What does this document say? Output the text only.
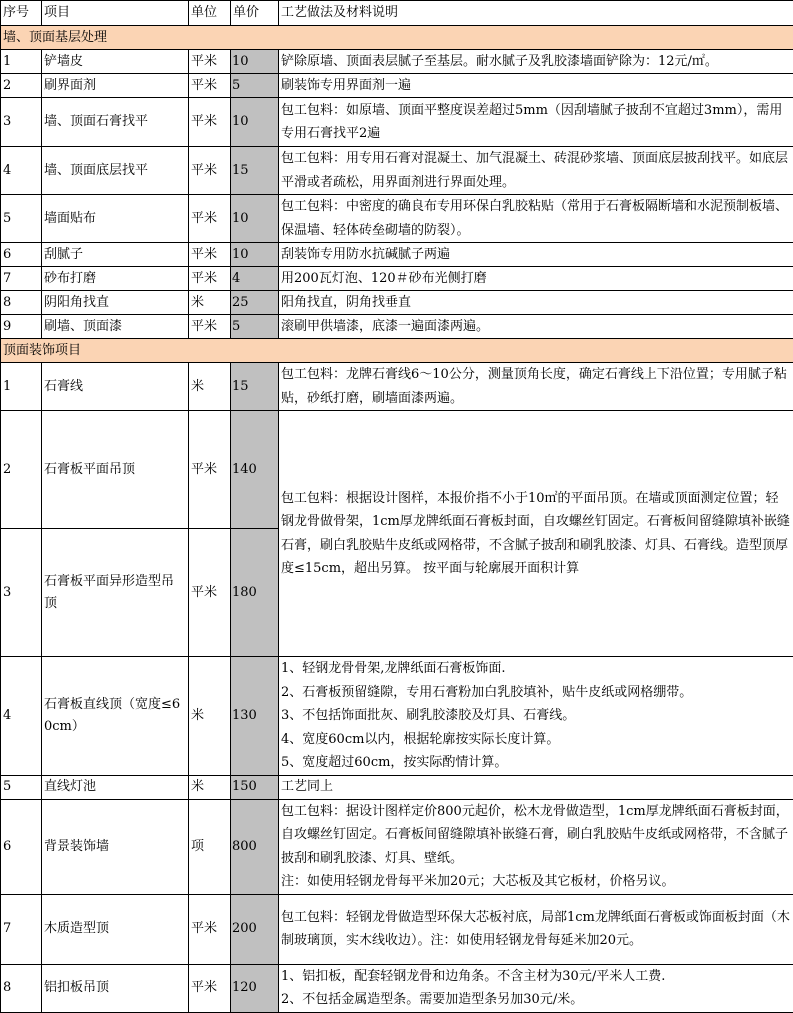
序号	项目	单位	单价	工艺做法及材料说明
墙、顶面基层处理				
1	铲墙皮	平米	10	铲除原墙、顶面表层腻子至基层。耐水腻子及乳胶漆墙面铲除为：12元/㎡。
2	刷界面剂	平米	5	刷装饰专用界面剂一遍
3	墙、顶面石膏找平	平米	10	包工包料：如原墙、顶面平整度误差超过5mm（因刮墙腻子披刮不宜超过3mm），需用专用石膏找平2遍
4	墙、顶面底层找平	平米	15	包工包料：用专用石膏对混凝土、加气混凝土、砖混砂浆墙、顶面底层披刮找平。如底层平滑或者疏松，用界面剂进行界面处理。
5	墙面贴布	平米	10	包工包料：中密度的确良布专用环保白乳胶粘贴（常用于石膏板隔断墙和水泥预制板墙、保温墙、轻体砖垒砌墙的防裂）。
6	刮腻子	平米	10	刮装饰专用防水抗碱腻子两遍
7	砂布打磨	平米	4	用200瓦灯泡、120＃砂布光侧打磨
8	阴阳角找直	米	25	阳角找直，阴角找垂直
9	刷墙、顶面漆	平米	5	滚刷甲供墙漆，底漆一遍面漆两遍。
顶面装饰项目				
1	石膏线	米	15	包工包料：龙牌石膏线6～10公分，测量顶角长度，确定石膏线上下沿位置；专用腻子粘贴，砂纸打磨，刷墙面漆两遍。
2	石膏板平面吊顶	平米	140	包工包料：根据设计图样，本报价指不小于10㎡的平面吊顶。在墙或顶面测定位置；轻钢龙骨做骨架，1cm厚龙牌纸面石膏板封面，自攻螺丝钉固定。石膏板间留缝隙填补嵌缝石膏，刷白乳胶贴牛皮纸或网格带，不含腻子披刮和刷乳胶漆、灯具、石膏线。造型顶厚度≤15cm，超出另算。 按平面与轮廓展开面积计算
3	石膏板平面异形造型吊顶	平米	180	
4	石膏板直线顶（宽度≤60cm）	米	130	1、轻钢龙骨骨架,龙牌纸面石膏板饰面.
2、石膏板预留缝隙，专用石膏粉加白乳胶填补，贴牛皮纸或网格绷带。
3、不包括饰面批灰、刷乳胶漆胶及灯具、石膏线。
4、宽度60cm以内，根据轮廓按实际长度计算。
5、宽度超过60cm，按实际酌情计算。

5	直线灯池	米	150	工艺同上
6	背景装饰墙	项	800	包工包料：据设计图样定价800元起价，松木龙骨做造型，1cm厚龙牌纸面石膏板封面，自攻螺丝钉固定。石膏板间留缝隙填补嵌缝石膏，刷白乳胶贴牛皮纸或网格带，不含腻子披刮和刷乳胶漆、灯具、壁纸。
注：如使用轻钢龙骨每平米加20元；大芯板及其它板材，价格另议。

7	木质造型顶	平米	200	包工包料：轻钢龙骨做造型环保大芯板衬底，局部1cm龙牌纸面石膏板或饰面板封面（木制玻璃顶，实木线收边）。注：如使用轻钢龙骨每延米加20元。
8	铝扣板吊顶	平米	120	1、铝扣板，配套轻钢龙骨和边角条。不含主材为30元/平米人工费.
2、不包括金属造型条。需要加造型条另加30元/米。
